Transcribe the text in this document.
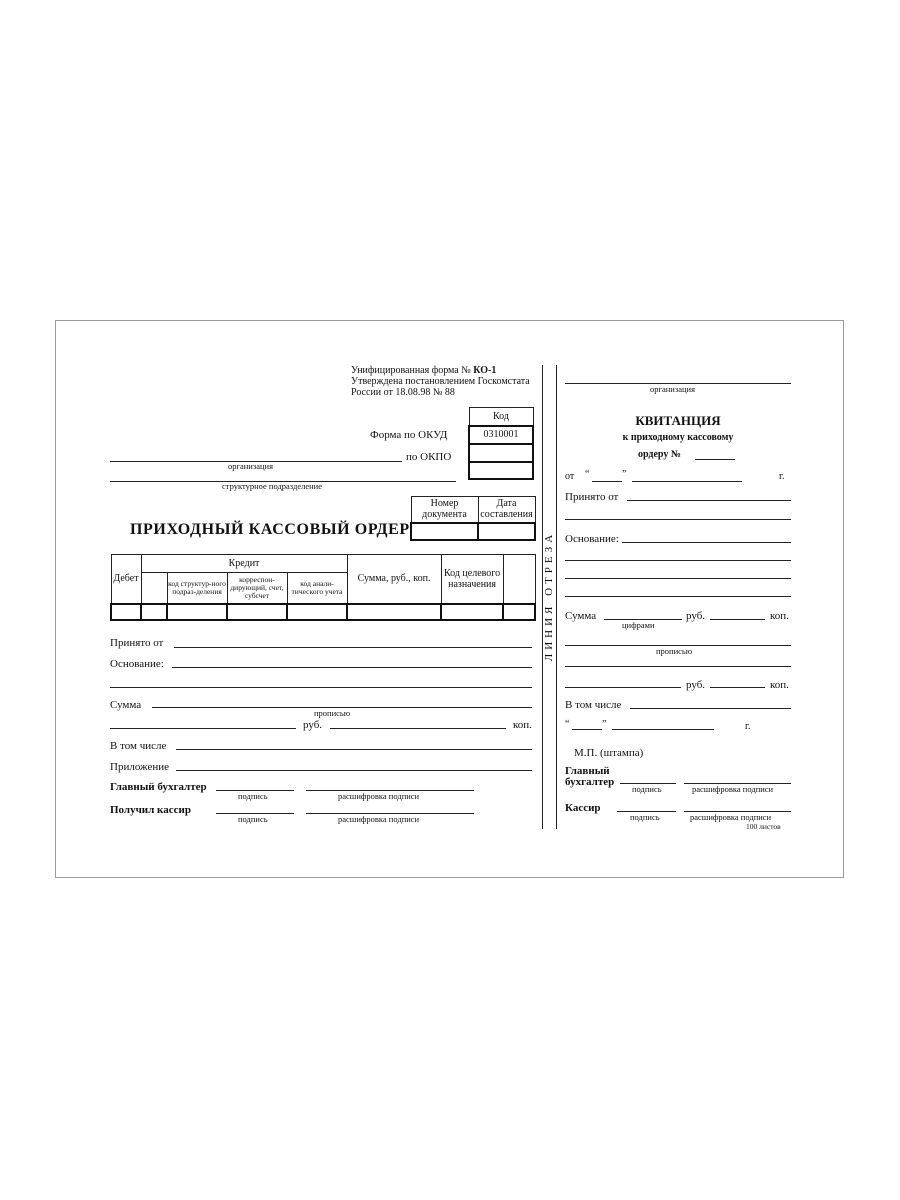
Унифицированная форма № КО-1
Утверждена постановлением Госкомстата
России от 18.08.98 № 88
Код
0310001

Форма по ОКУД
по ОКПО
организация
структурное подразделение
Номер документа	Дата составления

ПРИХОДНЫЙ КАССОВЫЙ ОРДЕР
Дебет	Кредит				Сумма, руб., коп.	Код целевого назначения	
		код структур-ного подраз-деления	корреспон-дирующий, счет, субсчет	код анали-тического учета			

Принято от
Основание:
Сумма
прописью
руб.	коп.
В том числе
Приложение
Главный бухгалтер
подпись	расшифровка подписи
Получил кассир
подпись	расшифровка подписи
ЛИНИЯ ОТРЕЗА
организация
КВИТАНЦИЯ
к приходному кассовому
ордеру №
от “	”	г.
Принято от
Основание:
Сумма
цифрами
руб.	коп.
прописью
руб.	коп.
В том числе
“	”	г.
М.П. (штампа)
Главный
бухгалтер
подпись	расшифровка подписи
Кассир
подпись	расшифровка подписи
100 листов
